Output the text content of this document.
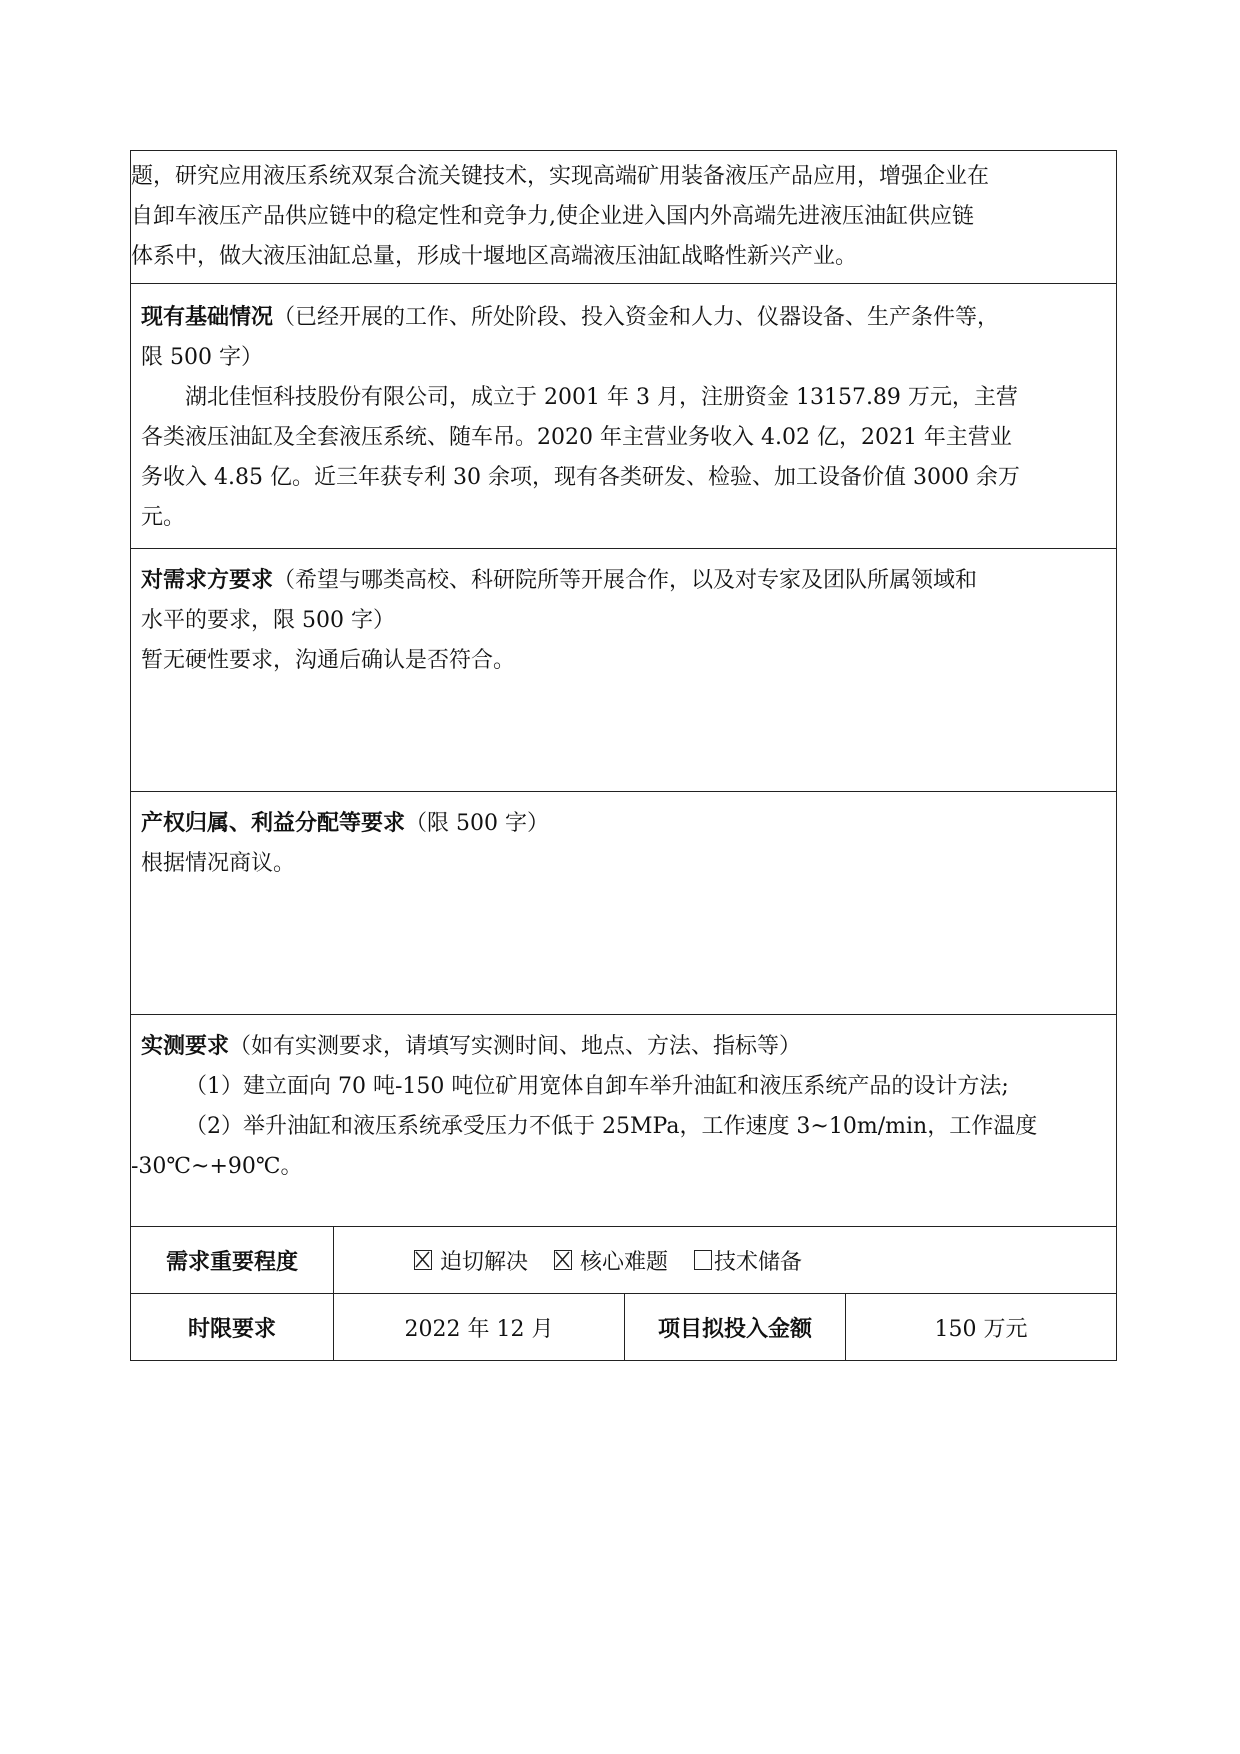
题，研究应用液压系统双泵合流关键技术，实现高端矿用装备液压产品应用，增强企业在

自卸车液压产品供应链中的稳定性和竞争力,使企业进入国内外高端先进液压油缸供应链

体系中，做大液压油缸总量，形成十堰地区高端液压油缸战略性新兴产业。

现有基础情况（已经开展的工作、所处阶段、投入资金和人力、仪器设备、生产条件等，

限 500 字）

湖北佳恒科技股份有限公司，成立于 2001 年 3 月，注册资金 13157.89 万元，主营

各类液压油缸及全套液压系统、随车吊。2020 年主营业务收入 4.02 亿，2021 年主营业

务收入 4.85 亿。近三年获专利 30 余项，现有各类研发、检验、加工设备价值 3000 余万

元。

对需求方要求（希望与哪类高校、科研院所等开展合作，以及对专家及团队所属领域和

水平的要求，限 500 字）

暂无硬性要求，沟通后确认是否符合。

产权归属、利益分配等要求（限 500 字）

根据情况商议。

实测要求（如有实测要求，请填写实测时间、地点、方法、指标等）

（1）建立面向 70 吨-150 吨位矿用宽体自卸车举升油缸和液压系统产品的设计方法;

（2）举升油缸和液压系统承受压力不低于 25MPa，工作速度 3~10m/min，工作温度

-30℃~+90℃。

需求重要程度	迫切解决 核心难题 技术储备
时限要求	2022 年 12 月	项目拟投入金额	150 万元
